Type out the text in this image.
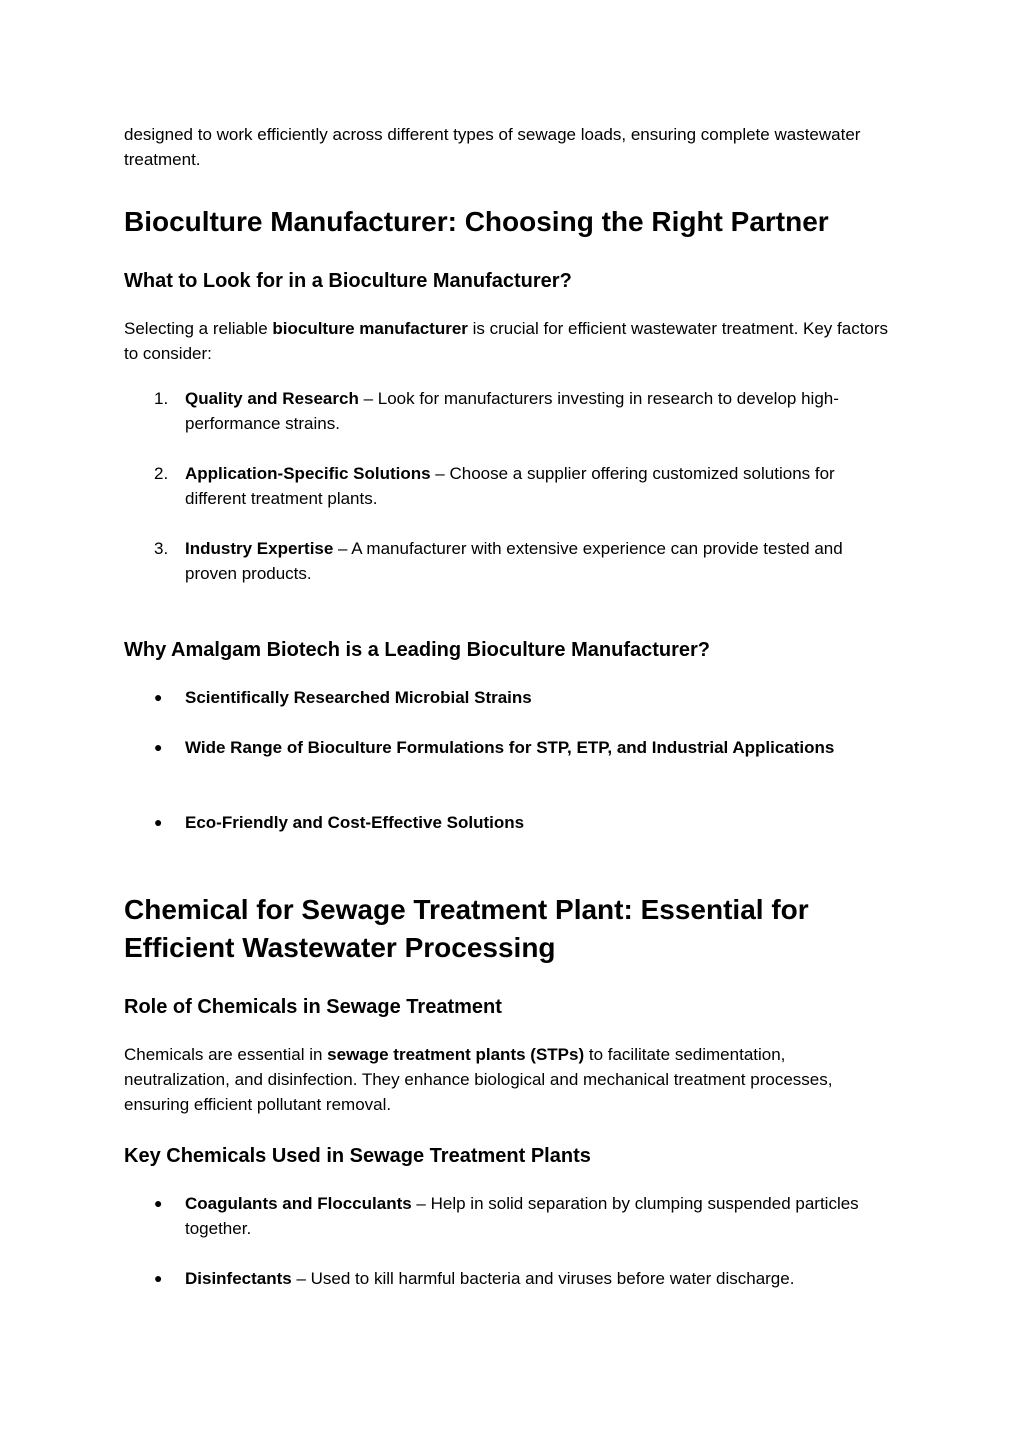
designed to work efficiently across different types of sewage loads, ensuring complete wastewater treatment.

Bioculture Manufacturer: Choosing the Right Partner
What to Look for in a Bioculture Manufacturer?

Selecting a reliable bioculture manufacturer is crucial for efficient wastewater treatment. Key factors to consider:

1. Quality and Research – Look for manufacturers investing in research to develop high-performance strains.
2. Application-Specific Solutions – Choose a supplier offering customized solutions for different treatment plants.
3. Industry Expertise – A manufacturer with extensive experience can provide tested and proven products.
Why Amalgam Biotech is a Leading Bioculture Manufacturer?
● Scientifically Researched Microbial Strains
● Wide Range of Bioculture Formulations for STP, ETP, and Industrial Applications
● Eco-Friendly and Cost-Effective Solutions
Chemical for Sewage Treatment Plant: Essential for Efficient Wastewater Processing
Role of Chemicals in Sewage Treatment

Chemicals are essential in sewage treatment plants (STPs) to facilitate sedimentation, neutralization, and disinfection. They enhance biological and mechanical treatment processes, ensuring efficient pollutant removal.

Key Chemicals Used in Sewage Treatment Plants
● Coagulants and Flocculants – Help in solid separation by clumping suspended particles together.
● Disinfectants – Used to kill harmful bacteria and viruses before water discharge.
